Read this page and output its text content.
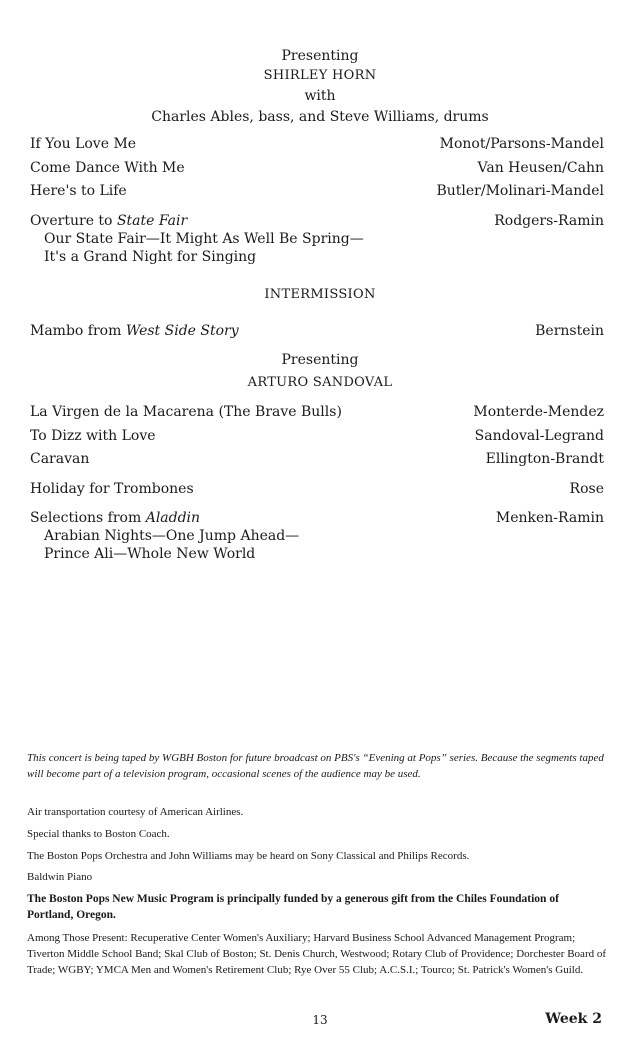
Presenting
SHIRLEY HORN
with
Charles Ables, bass, and Steve Williams, drums
If You Love Me	Monot/Parsons-Mandel
Come Dance With Me	Van Heusen/Cahn
Here's to Life	Butler/Molinari-Mandel
Overture to State Fair	Rodgers-Ramin
Our State Fair—It Might As Well Be Spring—
It's a Grand Night for Singing
INTERMISSION
Mambo from West Side Story	Bernstein
Presenting
ARTURO SANDOVAL
La Virgen de la Macarena (The Brave Bulls)	Monterde-Mendez
To Dizz with Love	Sandoval-Legrand
Caravan	Ellington-Brandt
Holiday for Trombones	Rose
Selections from Aladdin	Menken-Ramin
Arabian Nights—One Jump Ahead—
Prince Ali—Whole New World
This concert is being taped by WGBH Boston for future broadcast on PBS's “Evening at Pops” series. Because the segments taped will become part of a television program, occasional scenes of the audience may be used.
Air transportation courtesy of American Airlines.
Special thanks to Boston Coach.
The Boston Pops Orchestra and John Williams may be heard on Sony Classical and Philips Records.
Baldwin Piano
The Boston Pops New Music Program is principally funded by a generous gift from the Chiles Foundation of Portland, Oregon.
Among Those Present: Recuperative Center Women's Auxiliary; Harvard Business School Advanced Management Program; Tiverton Middle School Band; Skal Club of Boston; St. Denis Church, Westwood; Rotary Club of Providence; Dorchester Board of Trade; WGBY; YMCA Men and Women's Retirement Club; Rye Over 55 Club; A.C.S.I.; Tourco; St. Patrick's Women's Guild.
13	Week 2
